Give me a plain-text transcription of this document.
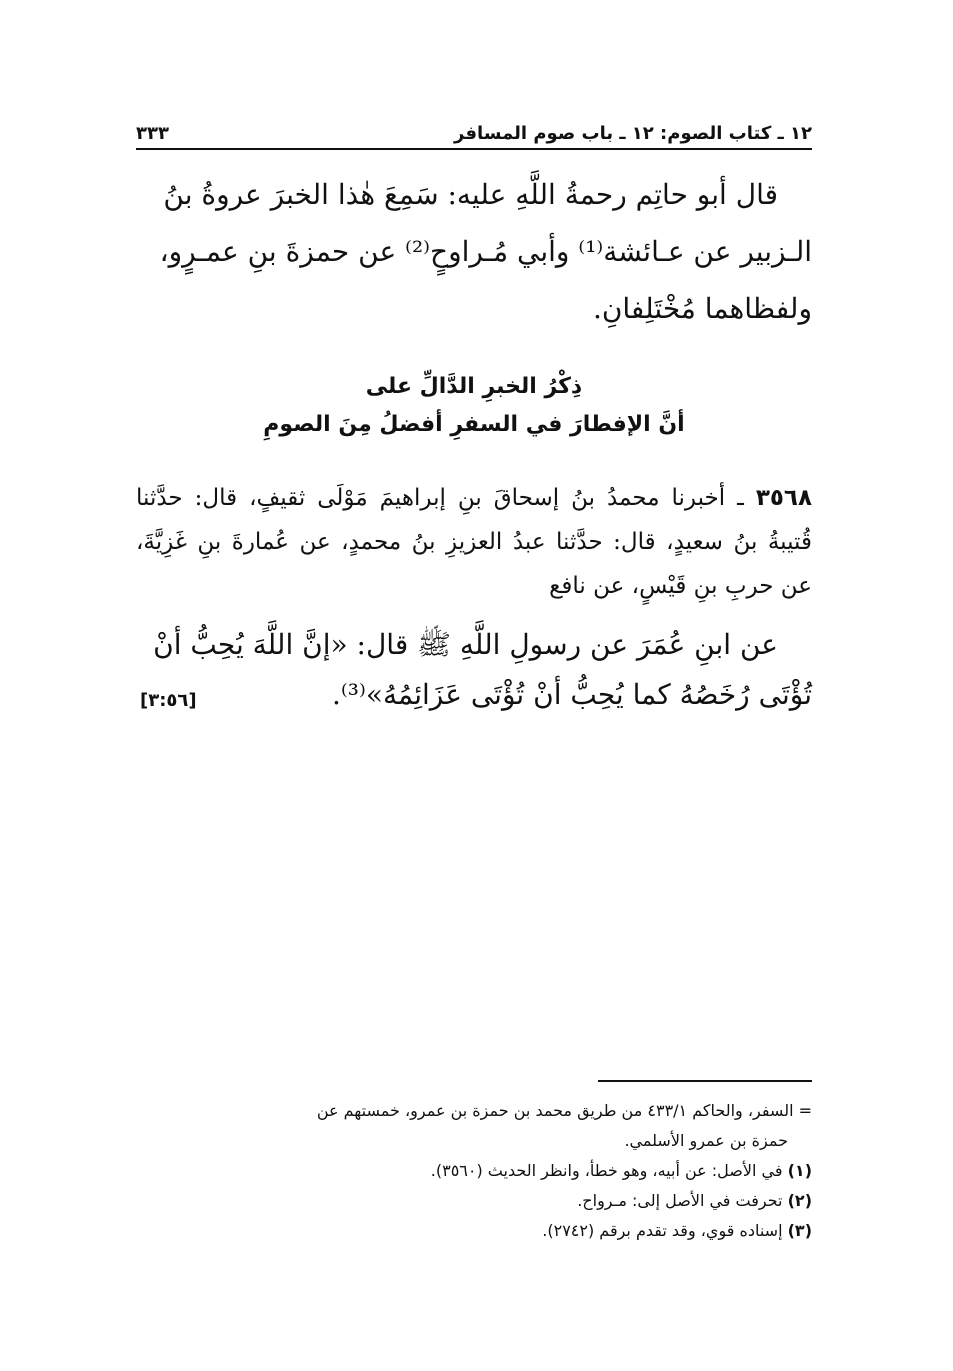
١٢ ـ كتاب الصوم: ١٢ ـ باب صوم المسافر
٣٣٣
قال أبو حاتِم رحمةُ اللَّهِ عليه: سَمِعَ هٰذا الخبرَ عروةُ بنُ
الـزبير عن عـائشة⁽¹⁾ وأبي مُـراوحٍ⁽²⁾ عن حمزةَ بنِ عمـرٍو،
ولفظاهما مُخْتَلِفانِ.
ذِكْرُ الخبرِ الدَّالِّ على
أنَّ الإفطارَ في السفرِ أفضلُ مِنَ الصومِ
٣٥٦٨ ـ أخبرنا محمدُ بنُ إسحاقَ بنِ إبراهيمَ مَوْلَى ثقيفٍ، قال: حدَّثنا قُتيبةُ بنُ سعيدٍ، قال: حدَّثنا عبدُ العزيزِ بنُ محمدٍ، عن عُمارةَ بنِ غَزِيَّةَ، عن حربِ بنِ قَيْسٍ، عن نافع

عن ابنِ عُمَرَ عن رسولِ اللَّهِ ﷺ قال: «إنَّ اللَّهَ يُحِبُّ أنْ

تُؤْتَى رُخَصُهُ كما يُحِبُّ أنْ تُؤْتَى عَزَائِمُهُ»⁽³⁾.
[٣:٥٦]
= السفر، والحاكم ٤٣٣/١ من طريق محمد بن حمزة بن عمرو، خمستهم عن
حمزة بن عمرو الأسلمي.
(١) في الأصل: عن أبيه، وهو خطأ، وانظر الحديث (٣٥٦٠).
(٢) تحرفت في الأصل إلى: مـرواح.
(٣) إسناده قوي، وقد تقدم برقم (٢٧٤٢).
